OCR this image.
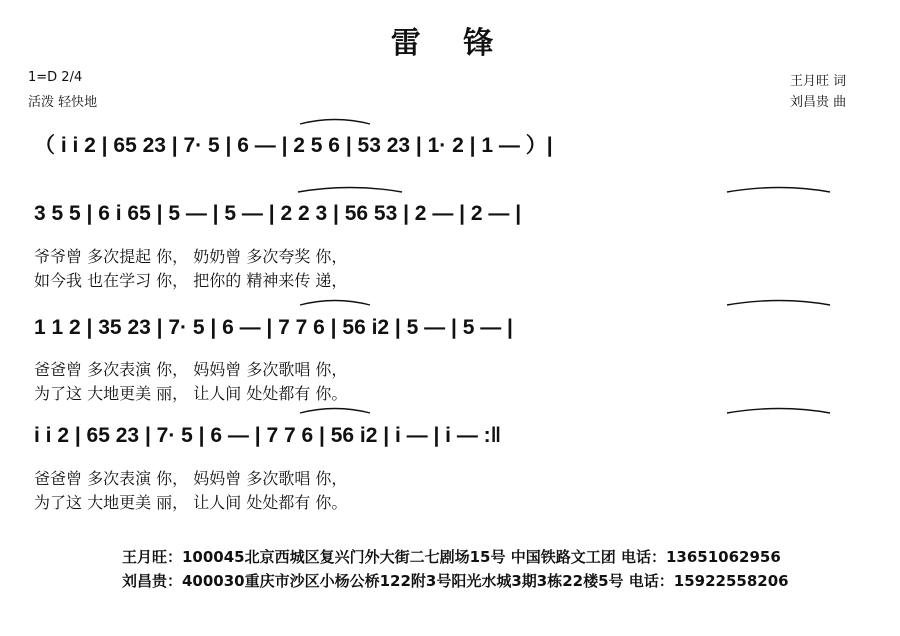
雷 锋
1=D 2/4
活泼 轻快地
王月旺 词
刘昌贵 曲
（ i i 2 | 65 23 | 7· 5 | 6 — | 2 5 6 | 53 23 | 1· 2 | 1 — ）|
3 5 5 | 6 i 65 | 5 — | 5 — | 2 2 3 | 56 53 | 2 — | 2 — |
1 1 2 | 35 23 | 7· 5 | 6 — | 7 7 6 | 56 i2 | 5 — | 5 — |
i i 2 | 65 23 | 7· 5 | 6 — | 7 7 6 | 56 i2 | i — | i — :‖
爷爷曾 多次提起 你， 奶奶曾 多次夸奖 你，
如今我 也在学习 你， 把你的 精神来传 递，
爸爸曾 多次表演 你， 妈妈曾 多次歌唱 你，
为了这 大地更美 丽， 让人间 处处都有 你。
爸爸曾 多次表演 你， 妈妈曾 多次歌唱 你，
为了这 大地更美 丽， 让人间 处处都有 你。
王月旺：100045北京西城区复兴门外大街二七剧场15号 中国铁路文工团 电话：13651062956
刘昌贵：400030重庆市沙区小杨公桥122附3号阳光水城3期3栋22楼5号 电话：15922558206
